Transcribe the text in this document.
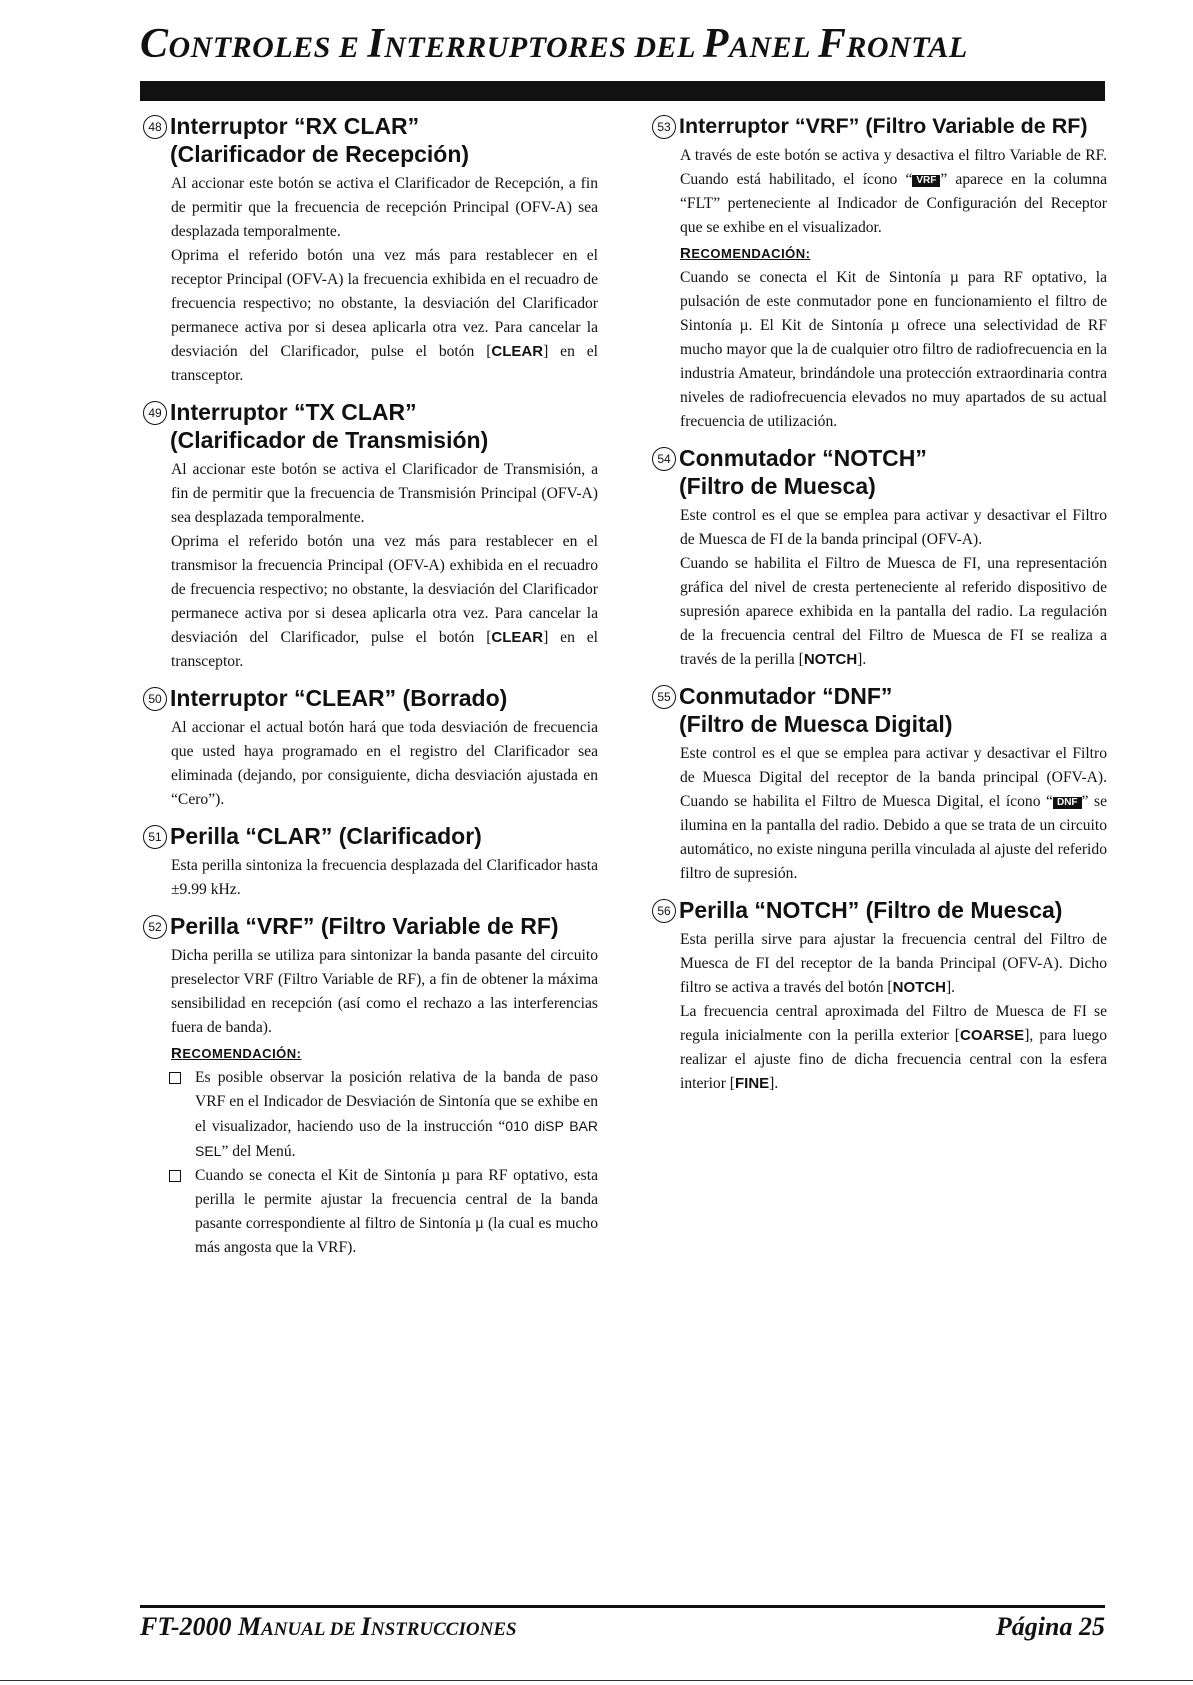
CONTROLES E INTERRUPTORES DEL PANEL FRONTAL
48 Interruptor “RX CLAR”
(Clarificador de Recepción)

Al accionar este botón se activa el Clarificador de Recepción, a fin de permitir que la frecuencia de recepción Principal (OFV-A) sea desplazada temporalmente.

Oprima el referido botón una vez más para restablecer en el receptor Principal (OFV-A) la frecuencia exhibida en el recuadro de frecuencia respectivo; no obstante, la desviación del Clarificador permanece activa por si desea aplicarla otra vez. Para cancelar la desviación del Clarificador, pulse el botón [CLEAR] en el transceptor.

49 Interruptor “TX CLAR”
(Clarificador de Transmisión)

Al accionar este botón se activa el Clarificador de Transmisión, a fin de permitir que la frecuencia de Transmisión Principal (OFV-A) sea desplazada temporalmente.

Oprima el referido botón una vez más para restablecer en el transmisor la frecuencia Principal (OFV-A) exhibida en el recuadro de frecuencia respectivo; no obstante, la desviación del Clarificador permanece activa por si desea aplicarla otra vez. Para cancelar la desviación del Clarificador, pulse el botón [CLEAR] en el transceptor.

50 Interruptor “CLEAR” (Borrado)

Al accionar el actual botón hará que toda desviación de frecuencia que usted haya programado en el registro del Clarificador sea eliminada (dejando, por consiguiente, dicha desviación ajustada en “Cero”).

51 Perilla “CLAR” (Clarificador)

Esta perilla sintoniza la frecuencia desplazada del Clarificador hasta ±9.99 kHz.

52 Perilla “VRF” (Filtro Variable de RF)

Dicha perilla se utiliza para sintonizar la banda pasante del circuito preselector VRF (Filtro Variable de RF), a fin de obtener la máxima sensibilidad en recepción (así como el rechazo a las interferencias fuera de banda).

RECOMENDACIÓN:
Es posible observar la posición relativa de la banda de paso VRF en el Indicador de Desviación de Sintonía que se exhibe en el visualizador, haciendo uso de la instrucción “010 diSP BAR SEL” del Menú.
Cuando se conecta el Kit de Sintonía µ para RF optativo, esta perilla le permite ajustar la frecuencia central de la banda pasante correspondiente al filtro de Sintonía µ (la cual es mucho más angosta que la VRF).
53 Interruptor “VRF” (Filtro Variable de RF)

A través de este botón se activa y desactiva el filtro Variable de RF. Cuando está habilitado, el ícono “ VRF ” aparece en la columna “FLT” perteneciente al Indicador de Configuración del Receptor que se exhibe en el visualizador.

RECOMENDACIÓN:

Cuando se conecta el Kit de Sintonía µ para RF optativo, la pulsación de este conmutador pone en funcionamiento el filtro de Sintonía µ. El Kit de Sintonía µ ofrece una selectividad de RF mucho mayor que la de cualquier otro filtro de radiofrecuencia en la industria Amateur, brindándole una protección extraordinaria contra niveles de radiofrecuencia elevados no muy apartados de su actual frecuencia de utilización.

54 Conmutador “NOTCH”
(Filtro de Muesca)

Este control es el que se emplea para activar y desactivar el Filtro de Muesca de FI de la banda principal (OFV-A).

Cuando se habilita el Filtro de Muesca de FI, una representación gráfica del nivel de cresta perteneciente al referido dispositivo de supresión aparece exhibida en la pantalla del radio. La regulación de la frecuencia central del Filtro de Muesca de FI se realiza a través de la perilla [NOTCH].

55 Conmutador “DNF”
(Filtro de Muesca Digital)

Este control es el que se emplea para activar y desactivar el Filtro de Muesca Digital del receptor de la banda principal (OFV-A). Cuando se habilita el Filtro de Muesca Digital, el ícono “ DNF ” se ilumina en la pantalla del radio. Debido a que se trata de un circuito automático, no existe ninguna perilla vinculada al ajuste del referido filtro de supresión.

56 Perilla “NOTCH” (Filtro de Muesca)

Esta perilla sirve para ajustar la frecuencia central del Filtro de Muesca de FI del receptor de la banda Principal (OFV-A). Dicho filtro se activa a través del botón [NOTCH].

La frecuencia central aproximada del Filtro de Muesca de FI se regula inicialmente con la perilla exterior [COARSE], para luego realizar el ajuste fino de dicha frecuencia central con la esfera interior [FINE].

FT-2000 MANUAL DE INSTRUCCIONES	Página 25
